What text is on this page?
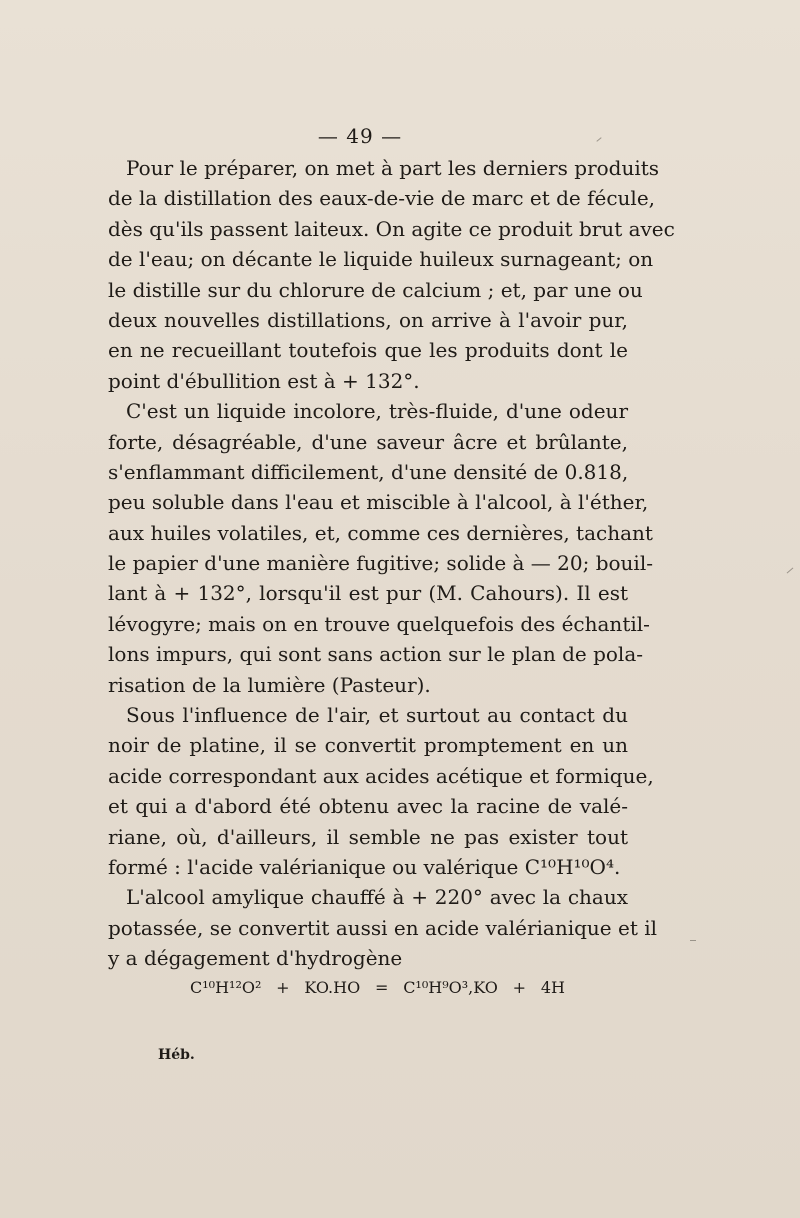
— 49 —
Pour le préparer, on met à part les derniers produits
de la distillation des eaux-de-vie de marc et de fécule,
dès qu'ils passent laiteux. On agite ce produit brut avec
de l'eau; on décante le liquide huileux surnageant; on
le distille sur du chlorure de calcium ; et, par une ou
deux nouvelles distillations, on arrive à l'avoir pur,
en ne recueillant toutefois que les produits dont le
point d'ébullition est à + 132°.
C'est un liquide incolore, très-fluide, d'une odeur
forte, désagréable, d'une saveur âcre et brûlante,
s'enflammant difficilement, d'une densité de 0.818,
peu soluble dans l'eau et miscible à l'alcool, à l'éther,
aux huiles volatiles, et, comme ces dernières, tachant
le papier d'une manière fugitive; solide à — 20; bouil-
lant à + 132°, lorsqu'il est pur (M. Cahours). Il est
lévogyre; mais on en trouve quelquefois des échantil-
lons impurs, qui sont sans action sur le plan de pola-
risation de la lumière (Pasteur).
Sous l'influence de l'air, et surtout au contact du
noir de platine, il se convertit promptement en un
acide correspondant aux acides acétique et formique,
et qui a d'abord été obtenu avec la racine de valé-
riane, où, d'ailleurs, il semble ne pas exister tout
formé : l'acide valérianique ou valérique C¹⁰H¹⁰O⁴.
L'alcool amylique chauffé à + 220° avec la chaux
potassée, se convertit aussi en acide valérianique et il
y a dégagement d'hydrogène
C¹⁰H¹²O² + KO.HO = C¹⁰H⁹O³,KO + 4H
Héb.
